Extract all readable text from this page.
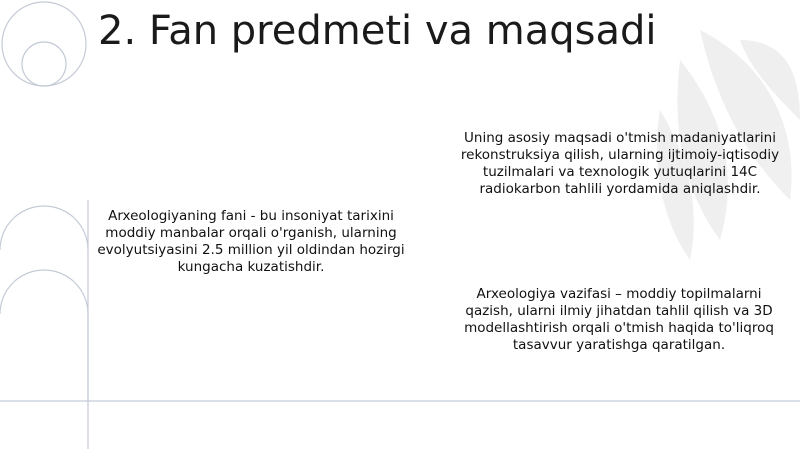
2. Fan predmeti va maqsadi

Uning asosiy maqsadi o'tmish madaniyatlarini rekonstruksiya qilish, ularning ijtimoiy-iqtisodiy tuzilmalari va texnologik yutuqlarini 14C radiokarbon tahlili yordamida aniqlashdir.

Arxeologiyaning fani - bu insoniyat tarixini moddiy manbalar orqali o'rganish, ularning evolyutsiyasini 2.5 million yil oldindan hozirgi kungacha kuzatishdir.

Arxeologiya vazifasi – moddiy topilmalarni qazish, ularni ilmiy jihatdan tahlil qilish va 3D modellashtirish orqali o'tmish haqida to'liqroq tasavvur yaratishga qaratilgan.
